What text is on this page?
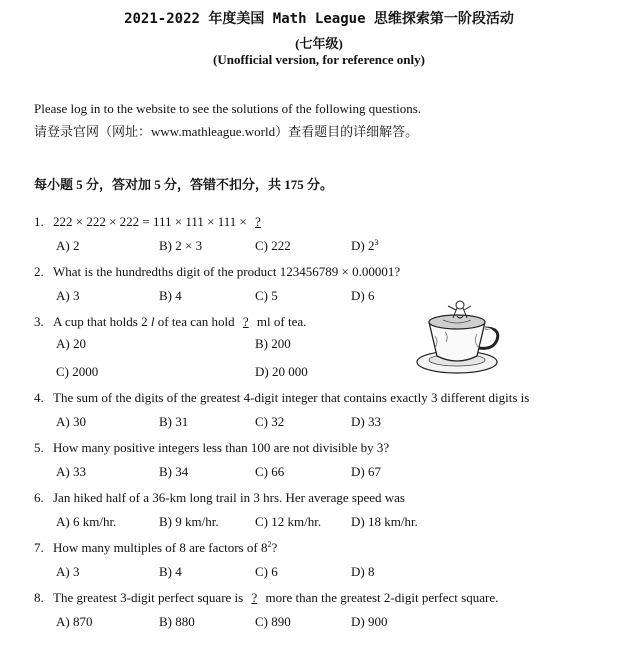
2021-2022 年度美国 Math League 思维探索第一阶段活动
(七年级)
(Unofficial version, for reference only)
Please log in to the website to see the solutions of the following questions.
请登录官网（网址：www.mathleague.world）查看题目的详细解答。
每小题 5 分，答对加 5 分，答错不扣分，共 175 分。
1. 222 × 222 × 222 = 111 × 111 × 111 × ?
A) 2	B) 2 × 3	C) 222	D) $2^3$
2. What is the hundredths digit of the product 123456789 × 0.00001?
A) 3	B) 4	C) 5	D) 6
3. A cup that holds 2 l of tea can hold ? ml of tea.
A) 20	B) 200
C) 2000	D) 20 000
4. The sum of the digits of the greatest 4-digit integer that contains exactly 3 different digits is
A) 30	B) 31	C) 32	D) 33
5. How many positive integers less than 100 are not divisible by 3?
A) 33	B) 34	C) 66	D) 67
6. Jan hiked half of a 36-km long trail in 3 hrs. Her average speed was
A) 6 km/hr.	B) 9 km/hr.	C) 12 km/hr. D) 18 km/hr.
7. How many multiples of 8 are factors of $8^2$?
A) 3	B) 4	C) 6	D) 8
8. The greatest 3-digit perfect square is ? more than the greatest 2-digit perfect square.
A) 870	B) 880	C) 890	D) 900
